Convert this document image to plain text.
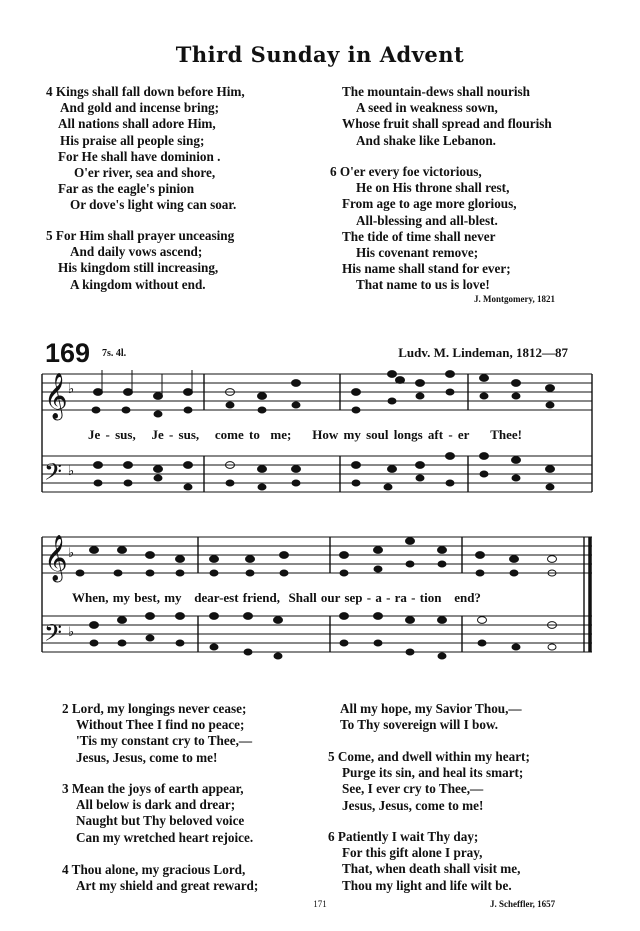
Third Sunday in Advent
4 Kings shall fall down before Him,
And gold and incense bring;
All nations shall adore Him,
His praise all people sing;
For He shall have dominion .
O'er river, sea and shore,
Far as the eagle's pinion
Or dove's light wing can soar.
5 For Him shall prayer unceasing
And daily vows ascend;
His kingdom still increasing,
A kingdom without end.
The mountain-dews shall nourish
A seed in weakness sown,
Whose fruit shall spread and flourish
And shake like Lebanon.
6 O'er every foe victorious,
He on His throne shall rest,
From age to age more glorious,
All-blessing and all-blest.
The tide of time shall never
His covenant remove;
His name shall stand for ever;
That name to us is love!
J. Montgomery, 1821
169 7s. 4l.	Ludv. M. Lindeman, 1812—87
𝄞
𝄢
𝄞
𝄢
♭
♭
♭
♭
Je - sus, Je - sus, come to me; How my soul longs aft - er Thee!
When, my best, my dear-est friend, Shall our sep - a - ra - tion end?
2 Lord, my longings never cease;
Without Thee I find no peace;
'Tis my constant cry to Thee,—
Jesus, Jesus, come to me!
3 Mean the joys of earth appear,
All below is dark and drear;
Naught but Thy beloved voice
Can my wretched heart rejoice.
4 Thou alone, my gracious Lord,
Art my shield and great reward;
All my hope, my Savior Thou,—
To Thy sovereign will I bow.
5 Come, and dwell within my heart;
Purge its sin, and heal its smart;
See, I ever cry to Thee,—
Jesus, Jesus, come to me!
6 Patiently I wait Thy day;
For this gift alone I pray,
That, when death shall visit me,
Thou my light and life wilt be.
J. Scheffler, 1657
171
